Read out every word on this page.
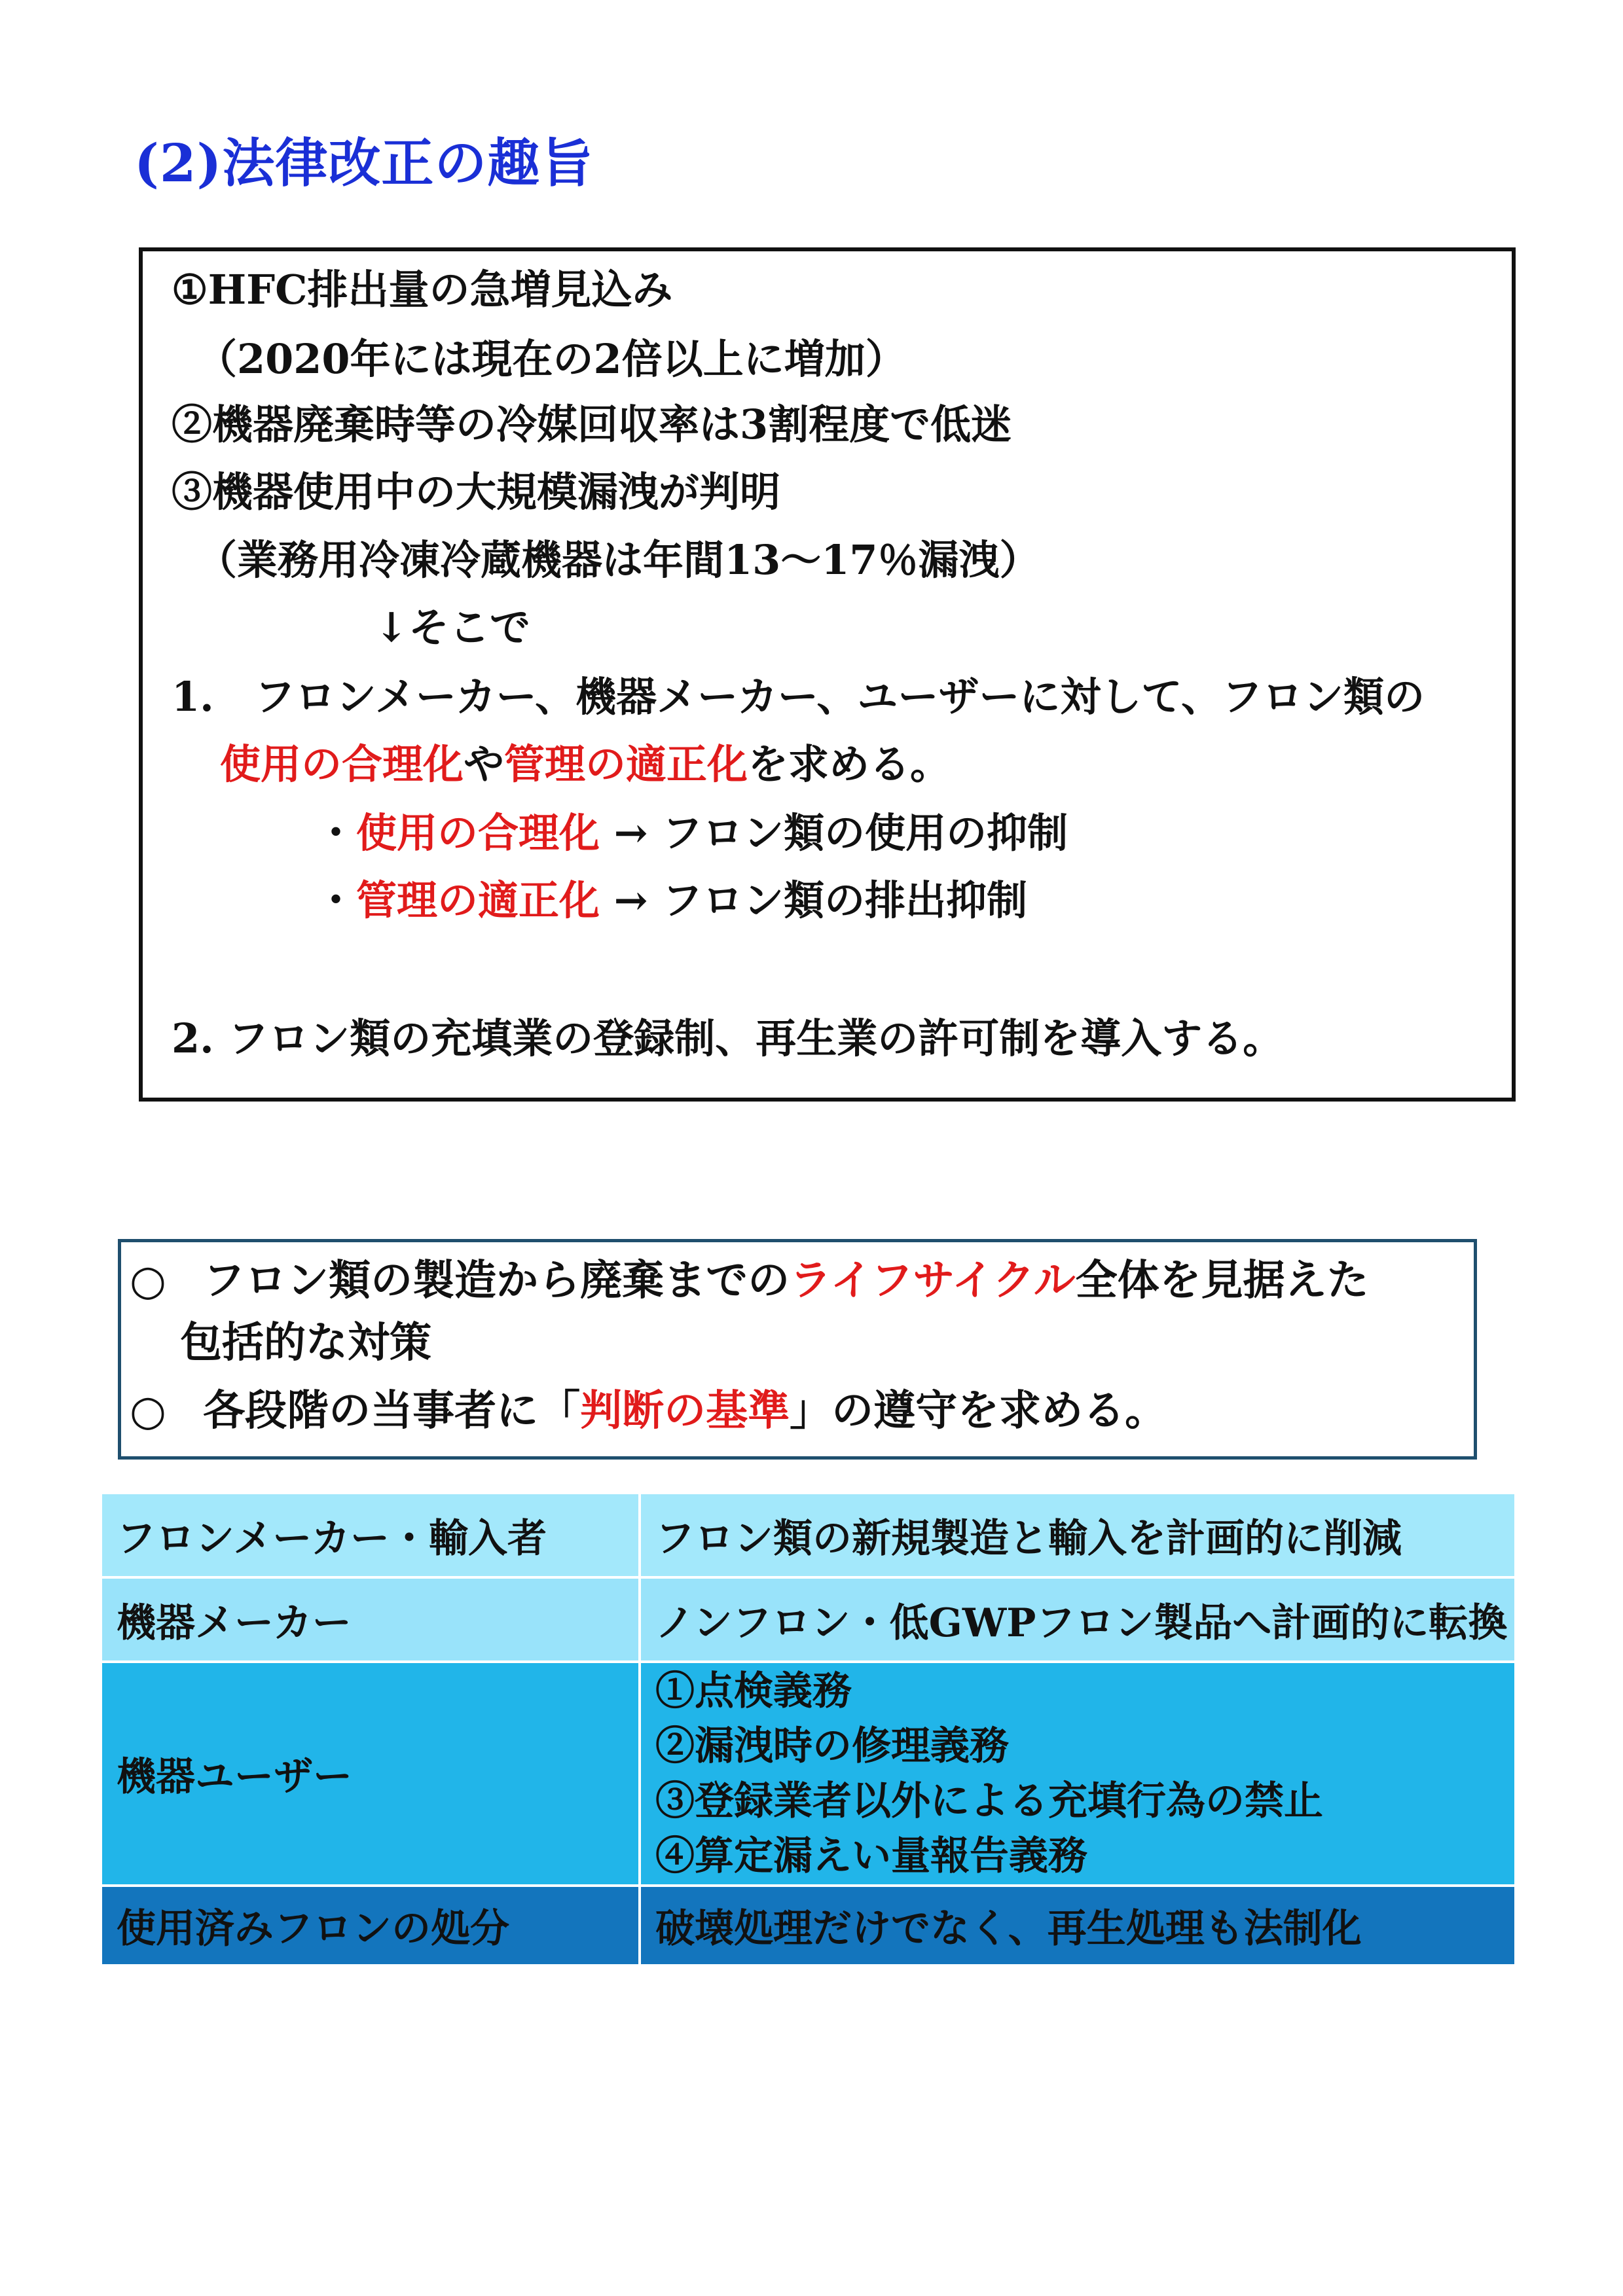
(2)法律改正の趣旨
①HFC排出量の急増見込み
（2020年には現在の2倍以上に増加）
②機器廃棄時等の冷媒回収率は3割程度で低迷
③機器使用中の大規模漏洩が判明
（業務用冷凍冷蔵機器は年間13～17％漏洩）
↓そこで
1.　フロンメーカー、機器メーカー、ユーザーに対して、フロン類の
使用の合理化や管理の適正化を求める。
・使用の合理化 → フロン類の使用の抑制
・管理の適正化 → フロン類の排出抑制
2. フロン類の充填業の登録制、再生業の許可制を導入する。
○ フロン類の製造から廃棄までのライフサイクル全体を見据えた
包括的な対策
○ 各段階の当事者に「判断の基準」の遵守を求める。
フロンメーカー・輸入者	フロン類の新規製造と輸入を計画的に削減
機器メーカー	ノンフロン・低GWPフロン製品へ計画的に転換
機器ユーザー	①点検義務
②漏洩時の修理義務
③登録業者以外による充填行為の禁止
④算定漏えい量報告義務

使用済みフロンの処分	破壊処理だけでなく、再生処理も法制化
